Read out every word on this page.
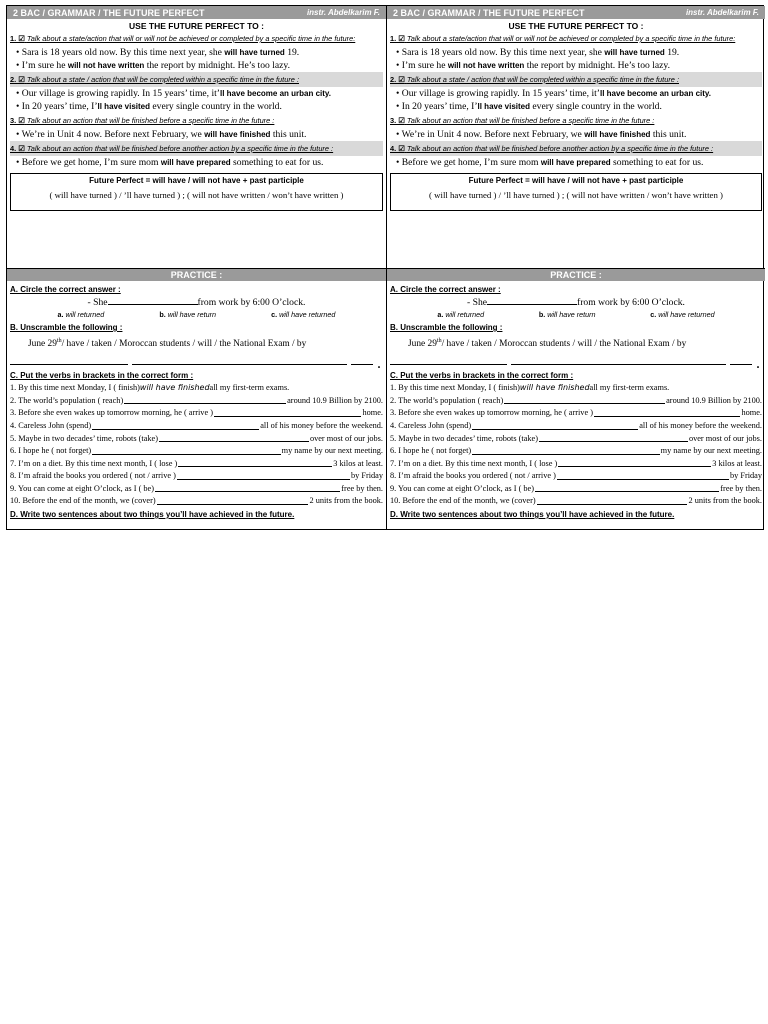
2 BAC / GRAMMAR / THE FUTURE PERFECT	instr. Abdelkarim F.
USE THE FUTURE PERFECT TO :
1. ☑ Talk about a state/action that will or will not be achieved or completed by a specific time in the future:
• Sara is 18 years old now. By this time next year, she will have turned 19.
• I’m sure he will not have written the report by midnight. He’s too lazy.
2. ☑ Talk about a state / action that will be completed within a specific time in the future :
• Our village is growing rapidly. In 15 years’ time, it’ll have become an urban city.
• In 20 years’ time, I’ll have visited every single country in the world.
3. ☑ Talk about an action that will be finished before a specific time in the future :
• We’re in Unit 4 now. Before next February, we will have finished this unit.
4. ☑ Talk about an action that will be finished before another action by a specific time in the future :
• Before we get home, I’m sure mom will have prepared something to eat for us.
Future Perfect = will have / will not have + past participle
( will have turned ) / ’ll have turned ) ; ( will not have written / won’t have written )
PRACTICE :
A. Circle the correct answer :
- She	from work by 6:00 O’clock.
a. will returned	b. will have return	c. will have returned
B. Unscramble the following :
June 29th/ have / taken / Moroccan students / will / the National Exam / by
.
C. Put the verbs in brackets in the correct form :
1. By this time next Monday, I ( finish) will have finished all my first-term exams.
2. The world’s population ( reach)	around 10.9 Billion by 2100.
3. Before she even wakes up tomorrow morning, he ( arrive )	home.
4. Careless John (spend)	all of his money before the weekend.
5. Maybe in two decades’ time, robots (take)	over most of our jobs.
6. I hope he ( not forget)	my name by our next meeting.
7. I’m on a diet. By this time next month, I ( lose )	3 kilos at least.
8. I’m afraid the books you ordered ( not / arrive )	by Friday
9. You can come at eight O’clock, as I ( be)	free by then.
10. Before the end of the month, we (cover)	2 units from the book.
D. Write two sentences about two things you’ll have achieved in the future.
2 BAC / GRAMMAR / THE FUTURE PERFECT	instr. Abdelkarim F.
USE THE FUTURE PERFECT TO :
1. ☑ Talk about a state/action that will or will not be achieved or completed by a specific time in the future:
• Sara is 18 years old now. By this time next year, she will have turned 19.
• I’m sure he will not have written the report by midnight. He’s too lazy.
2. ☑ Talk about a state / action that will be completed within a specific time in the future :
• Our village is growing rapidly. In 15 years’ time, it’ll have become an urban city.
• In 20 years’ time, I’ll have visited every single country in the world.
3. ☑ Talk about an action that will be finished before a specific time in the future :
• We’re in Unit 4 now. Before next February, we will have finished this unit.
4. ☑ Talk about an action that will be finished before another action by a specific time in the future :
• Before we get home, I’m sure mom will have prepared something to eat for us.
Future Perfect = will have / will not have + past participle
( will have turned ) / ’ll have turned ) ; ( will not have written / won’t have written )
PRACTICE :
A. Circle the correct answer :
- She	from work by 6:00 O’clock.
a. will returned	b. will have return	c. will have returned
B. Unscramble the following :
June 29th/ have / taken / Moroccan students / will / the National Exam / by
.
C. Put the verbs in brackets in the correct form :
1. By this time next Monday, I ( finish) will have finished all my first-term exams.
2. The world’s population ( reach)	around 10.9 Billion by 2100.
3. Before she even wakes up tomorrow morning, he ( arrive )	home.
4. Careless John (spend)	all of his money before the weekend.
5. Maybe in two decades’ time, robots (take)	over most of our jobs.
6. I hope he ( not forget)	my name by our next meeting.
7. I’m on a diet. By this time next month, I ( lose )	3 kilos at least.
8. I’m afraid the books you ordered ( not / arrive )	by Friday
9. You can come at eight O’clock, as I ( be)	free by then.
10. Before the end of the month, we (cover)	2 units from the book.
D. Write two sentences about two things you’ll have achieved in the future.
